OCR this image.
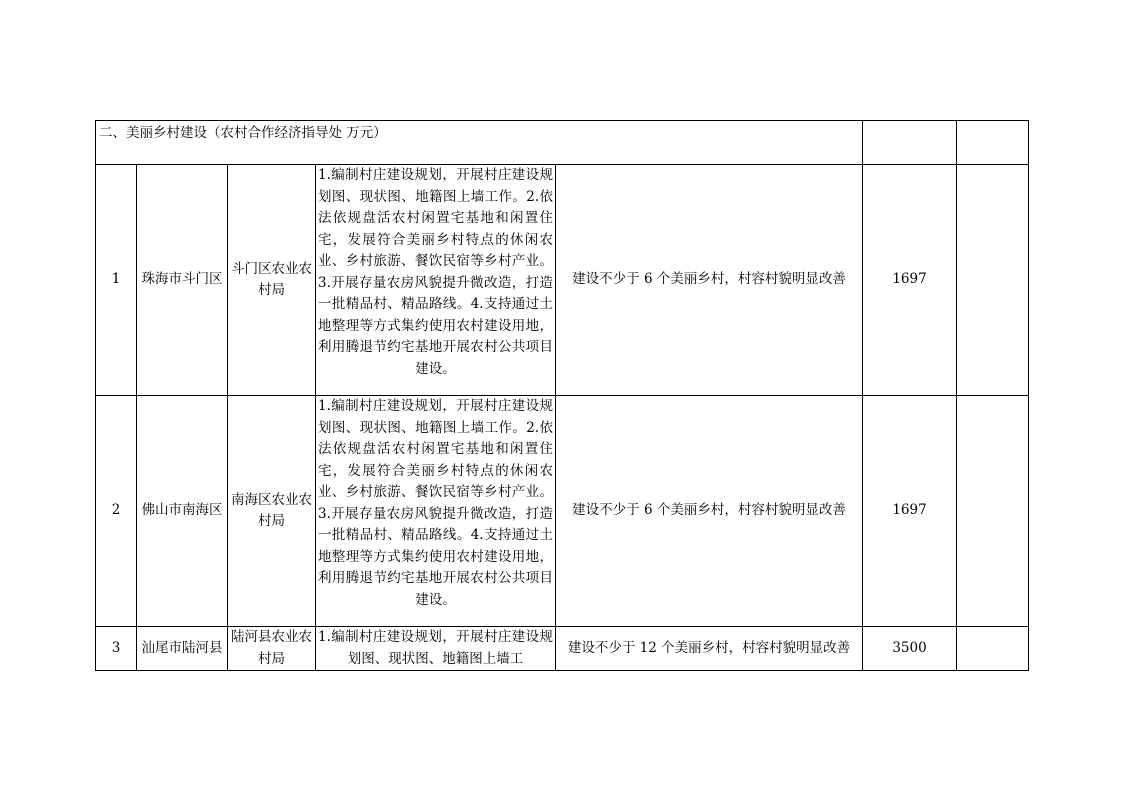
二、美丽乡村建设（农村合作经济指导处 万元）						
1	珠海市斗门区	斗门区农业农村局	1.编制村庄建设规划，开展村庄建设规划图、现状图、地籍图上墙工作。2.依法依规盘活农村闲置宅基地和闲置住宅，发展符合美丽乡村特点的休闲农业、乡村旅游、餐饮民宿等乡村产业。3.开展存量农房风貌提升微改造，打造一批精品村、精品路线。4.支持通过土地整理等方式集约使用农村建设用地，利用腾退节约宅基地开展农村公共项目建设。	建设不少于 6 个美丽乡村，村容村貌明显改善	1697	
2	佛山市南海区	南海区农业农村局	1.编制村庄建设规划，开展村庄建设规划图、现状图、地籍图上墙工作。2.依法依规盘活农村闲置宅基地和闲置住宅，发展符合美丽乡村特点的休闲农业、乡村旅游、餐饮民宿等乡村产业。3.开展存量农房风貌提升微改造，打造一批精品村、精品路线。4.支持通过土地整理等方式集约使用农村建设用地，利用腾退节约宅基地开展农村公共项目建设。	建设不少于 6 个美丽乡村，村容村貌明显改善	1697	
3	汕尾市陆河县	陆河县农业农村局	1.编制村庄建设规划，开展村庄建设规划图、现状图、地籍图上墙工	建设不少于 12 个美丽乡村，村容村貌明显改善	3500	
